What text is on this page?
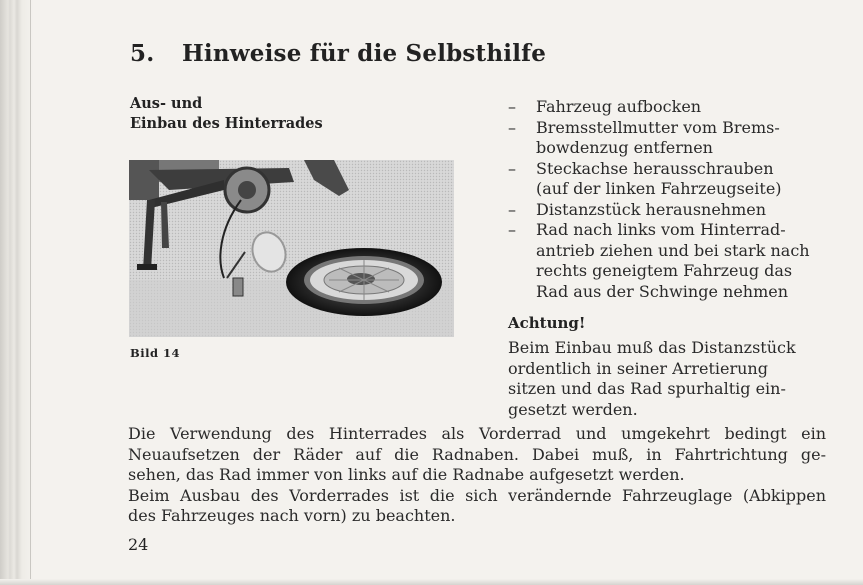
5. Hinweise für die Selbsthilfe
Aus- und
Einbau des Hinterrades
Bild 14
– Fahrzeug aufbocken
– Bremsstellmutter vom Brems-
bowdenzug entfernen
– Steckachse herausschrauben
(auf der linken Fahrzeugseite)
– Distanzstück herausnehmen
– Rad nach links vom Hinterrad-
antrieb ziehen und bei stark nach
rechts geneigtem Fahrzeug das
Rad aus der Schwinge nehmen
Achtung!
Beim Einbau muß das Distanzstück
ordentlich in seiner Arretierung
sitzen und das Rad spurhaltig ein-
gesetzt werden.
Die Verwendung des Hinterrades als Vorderrad und umgekehrt bedingt ein
Neuaufsetzen der Räder auf die Radnaben. Dabei muß, in Fahrtrichtung ge-
sehen, das Rad immer von links auf die Radnabe aufgesetzt werden.
Beim Ausbau des Vorderrades ist die sich verändernde Fahrzeuglage (Abkippen
des Fahrzeuges nach vorn) zu beachten.
24
